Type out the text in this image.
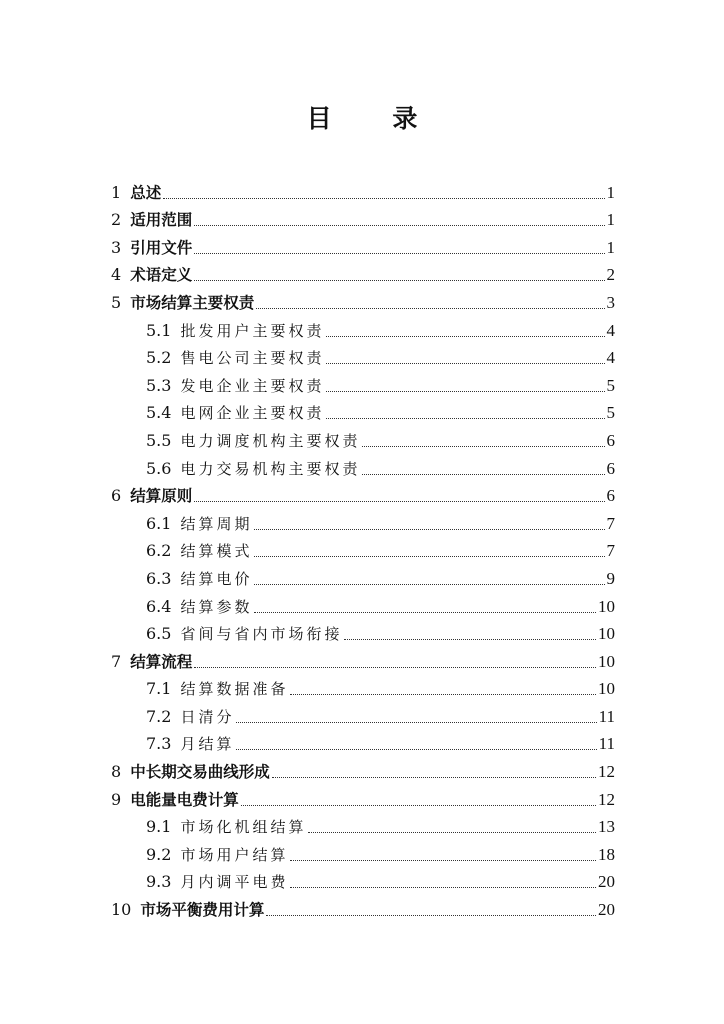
目 录
1 总述	1
2 适用范围	1
3 引用文件	1
4 术语定义	2
5 市场结算主要权责	3
5.1 批发用户主要权责	4
5.2 售电公司主要权责	4
5.3 发电企业主要权责	5
5.4 电网企业主要权责	5
5.5 电力调度机构主要权责	6
5.6 电力交易机构主要权责	6
6 结算原则	6
6.1 结算周期	7
6.2 结算模式	7
6.3 结算电价	9
6.4 结算参数	10
6.5 省间与省内市场衔接	10
7 结算流程	10
7.1 结算数据准备	10
7.2 日清分	11
7.3 月结算	11
8 中长期交易曲线形成	12
9 电能量电费计算	12
9.1 市场化机组结算	13
9.2 市场用户结算	18
9.3 月内调平电费	20
10 市场平衡费用计算	20
